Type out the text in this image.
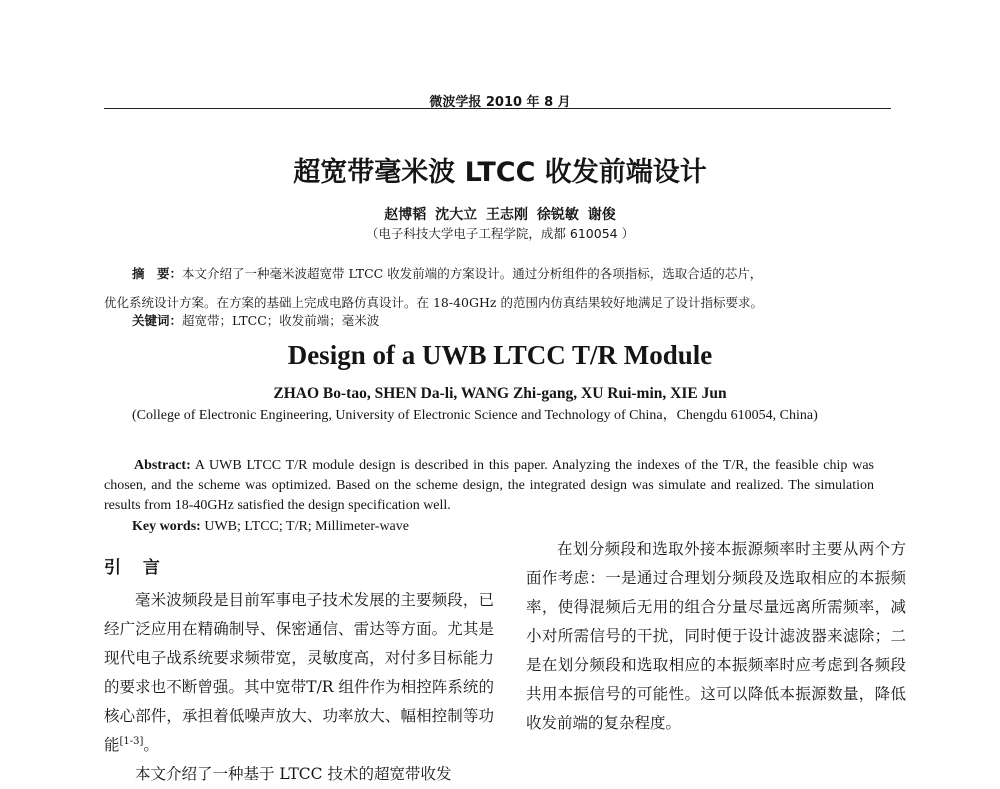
微波学报 2010 年 8 月
超宽带毫米波 LTCC 收发前端设计
赵博韬 沈大立 王志刚 徐锐敏 谢俊
（电子科技大学电子工程学院，成都 610054 ）
摘　要：本文介绍了一种毫米波超宽带 LTCC 收发前端的方案设计。通过分析组件的各项指标，选取合适的芯片，
优化系统设计方案。在方案的基础上完成电路仿真设计。在 18-40GHz 的范围内仿真结果较好地满足了设计指标要求。
关键词：超宽带；LTCC；收发前端；毫米波
Design of a UWB LTCC T/R Module
ZHAO Bo-tao, SHEN Da-li, WANG Zhi-gang, XU Rui-min, XIE Jun
(College of Electronic Engineering, University of Electronic Science and Technology of China，Chengdu 610054, China)
Abstract: A UWB LTCC T/R module design is described in this paper. Analyzing the indexes of the T/R, the feasible chip was chosen, and the scheme was optimized. Based on the scheme design, the integrated design was simulate and realized. The simulation results from 18-40GHz satisfied the design specification well.
Key words: UWB; LTCC; T/R; Millimeter-wave
引 言

毫米波频段是目前军事电子技术发展的主要频段，已经广泛应用在精确制导、保密通信、雷达等方面。尤其是现代电子战系统要求频带宽，灵敏度高，对付多目标能力的要求也不断曾强。其中宽带T/R 组件作为相控阵系统的核心部件，承担着低噪声放大、功率放大、幅相控制等功能[1-3]。

本文介绍了一种基于 LTCC 技术的超宽带收发

在划分频段和选取外接本振源频率时主要从两个方面作考虑：一是通过合理划分频段及选取相应的本振频率，使得混频后无用的组合分量尽量远离所需频率，减小对所需信号的干扰，同时便于设计滤波器来滤除；二是在划分频段和选取相应的本振频率时应考虑到各频段共用本振信号的可能性。这可以降低本振源数量，降低收发前端的复杂程度。
